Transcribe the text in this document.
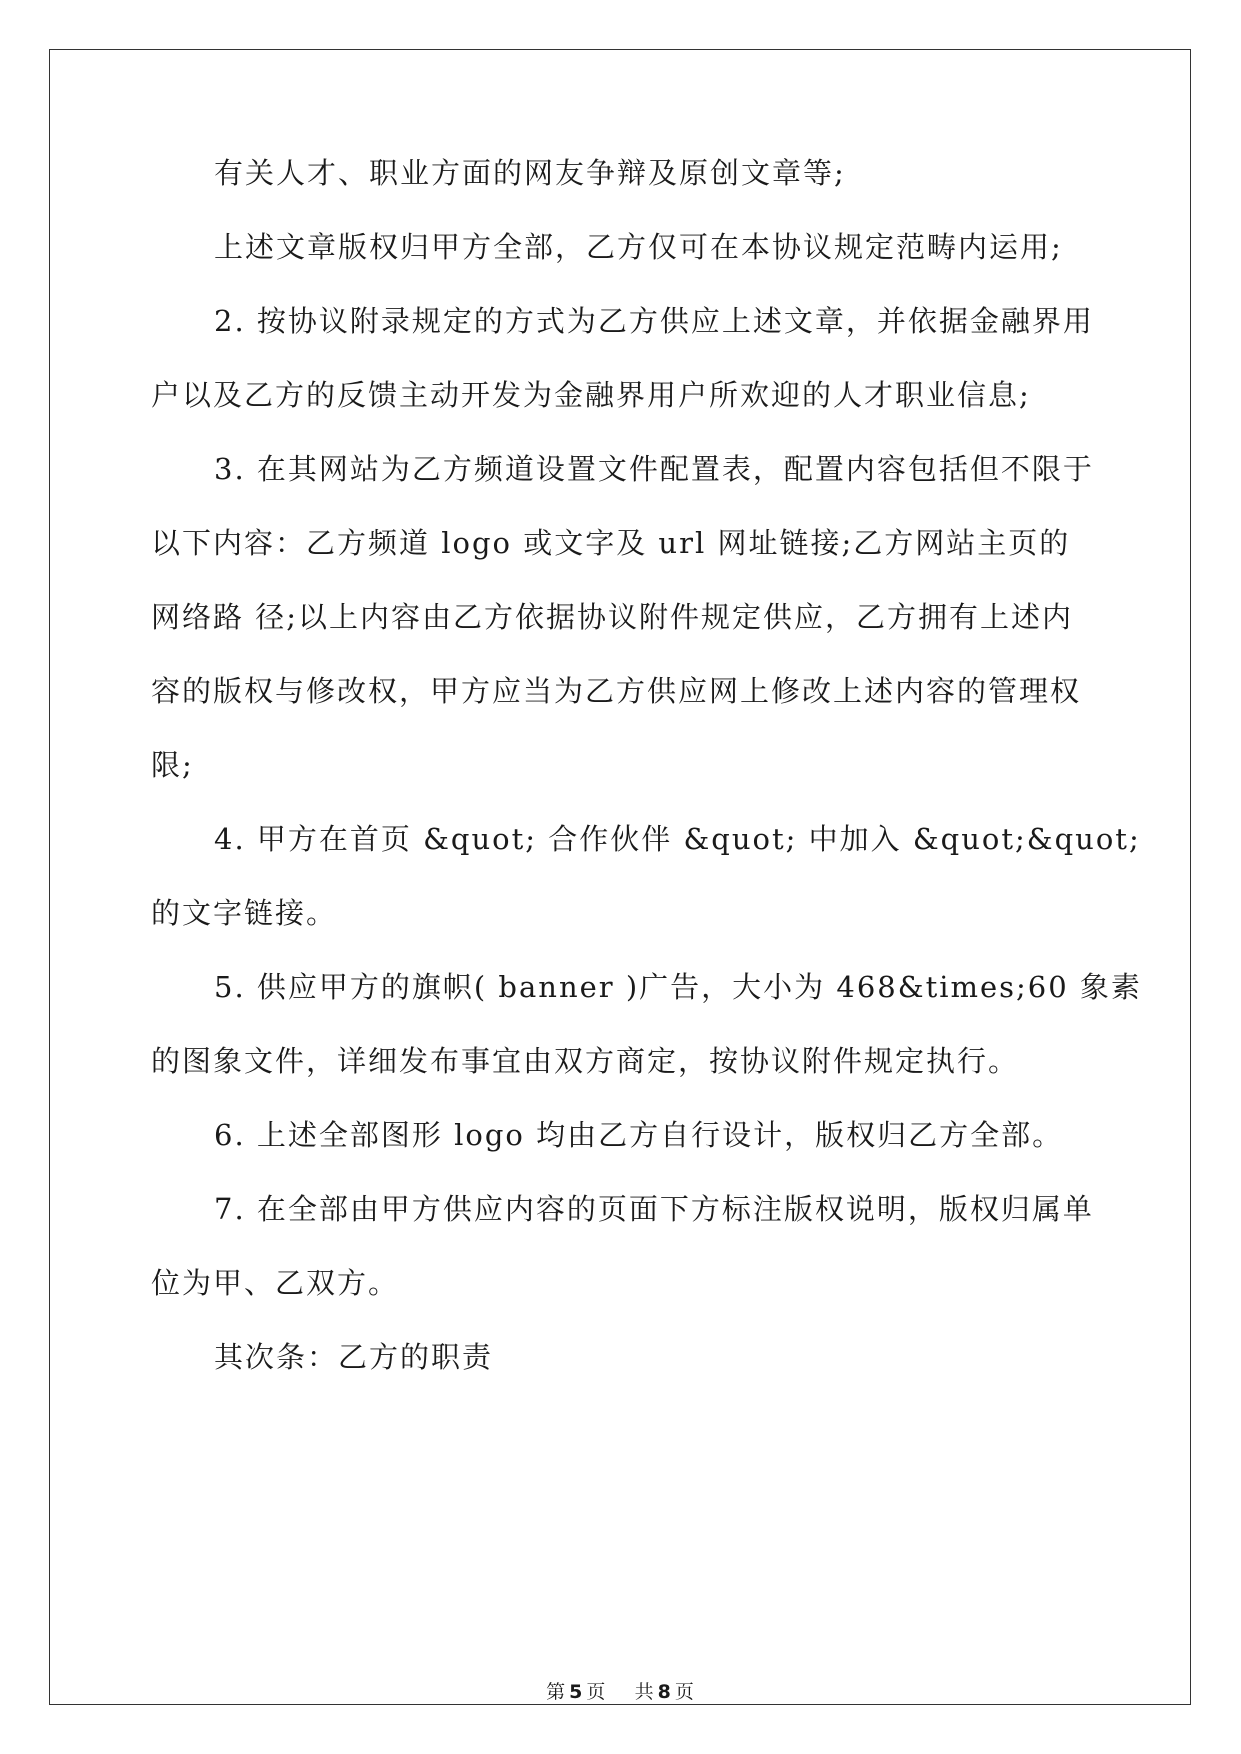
有关人才、职业方面的网友争辩及原创文章等;
上述文章版权归甲方全部，乙方仅可在本协议规定范畴内运用;
2. 按协议附录规定的方式为乙方供应上述文章，并依据金融界用
户以及乙方的反馈主动开发为金融界用户所欢迎的人才职业信息;
3. 在其网站为乙方频道设置文件配置表，配置内容包括但不限于
以下内容：乙方频道 logo 或文字及 url 网址链接;乙方网站主页的
网络路 径;以上内容由乙方依据协议附件规定供应，乙方拥有上述内
容的版权与修改权，甲方应当为乙方供应网上修改上述内容的管理权
限;
4. 甲方在首页 &quot; 合作伙伴 &quot; 中加入 &quot;&quot;
的文字链接。
5. 供应甲方的旗帜( banner )广告，大小为 468&times;60 象素
的图象文件，详细发布事宜由双方商定，按协议附件规定执行。
6. 上述全部图形 logo 均由乙方自行设计，版权归乙方全部。
7. 在全部由甲方供应内容的页面下方标注版权说明，版权归属单
位为甲、乙双方。
其次条：乙方的职责
第 5 页 共 8 页
